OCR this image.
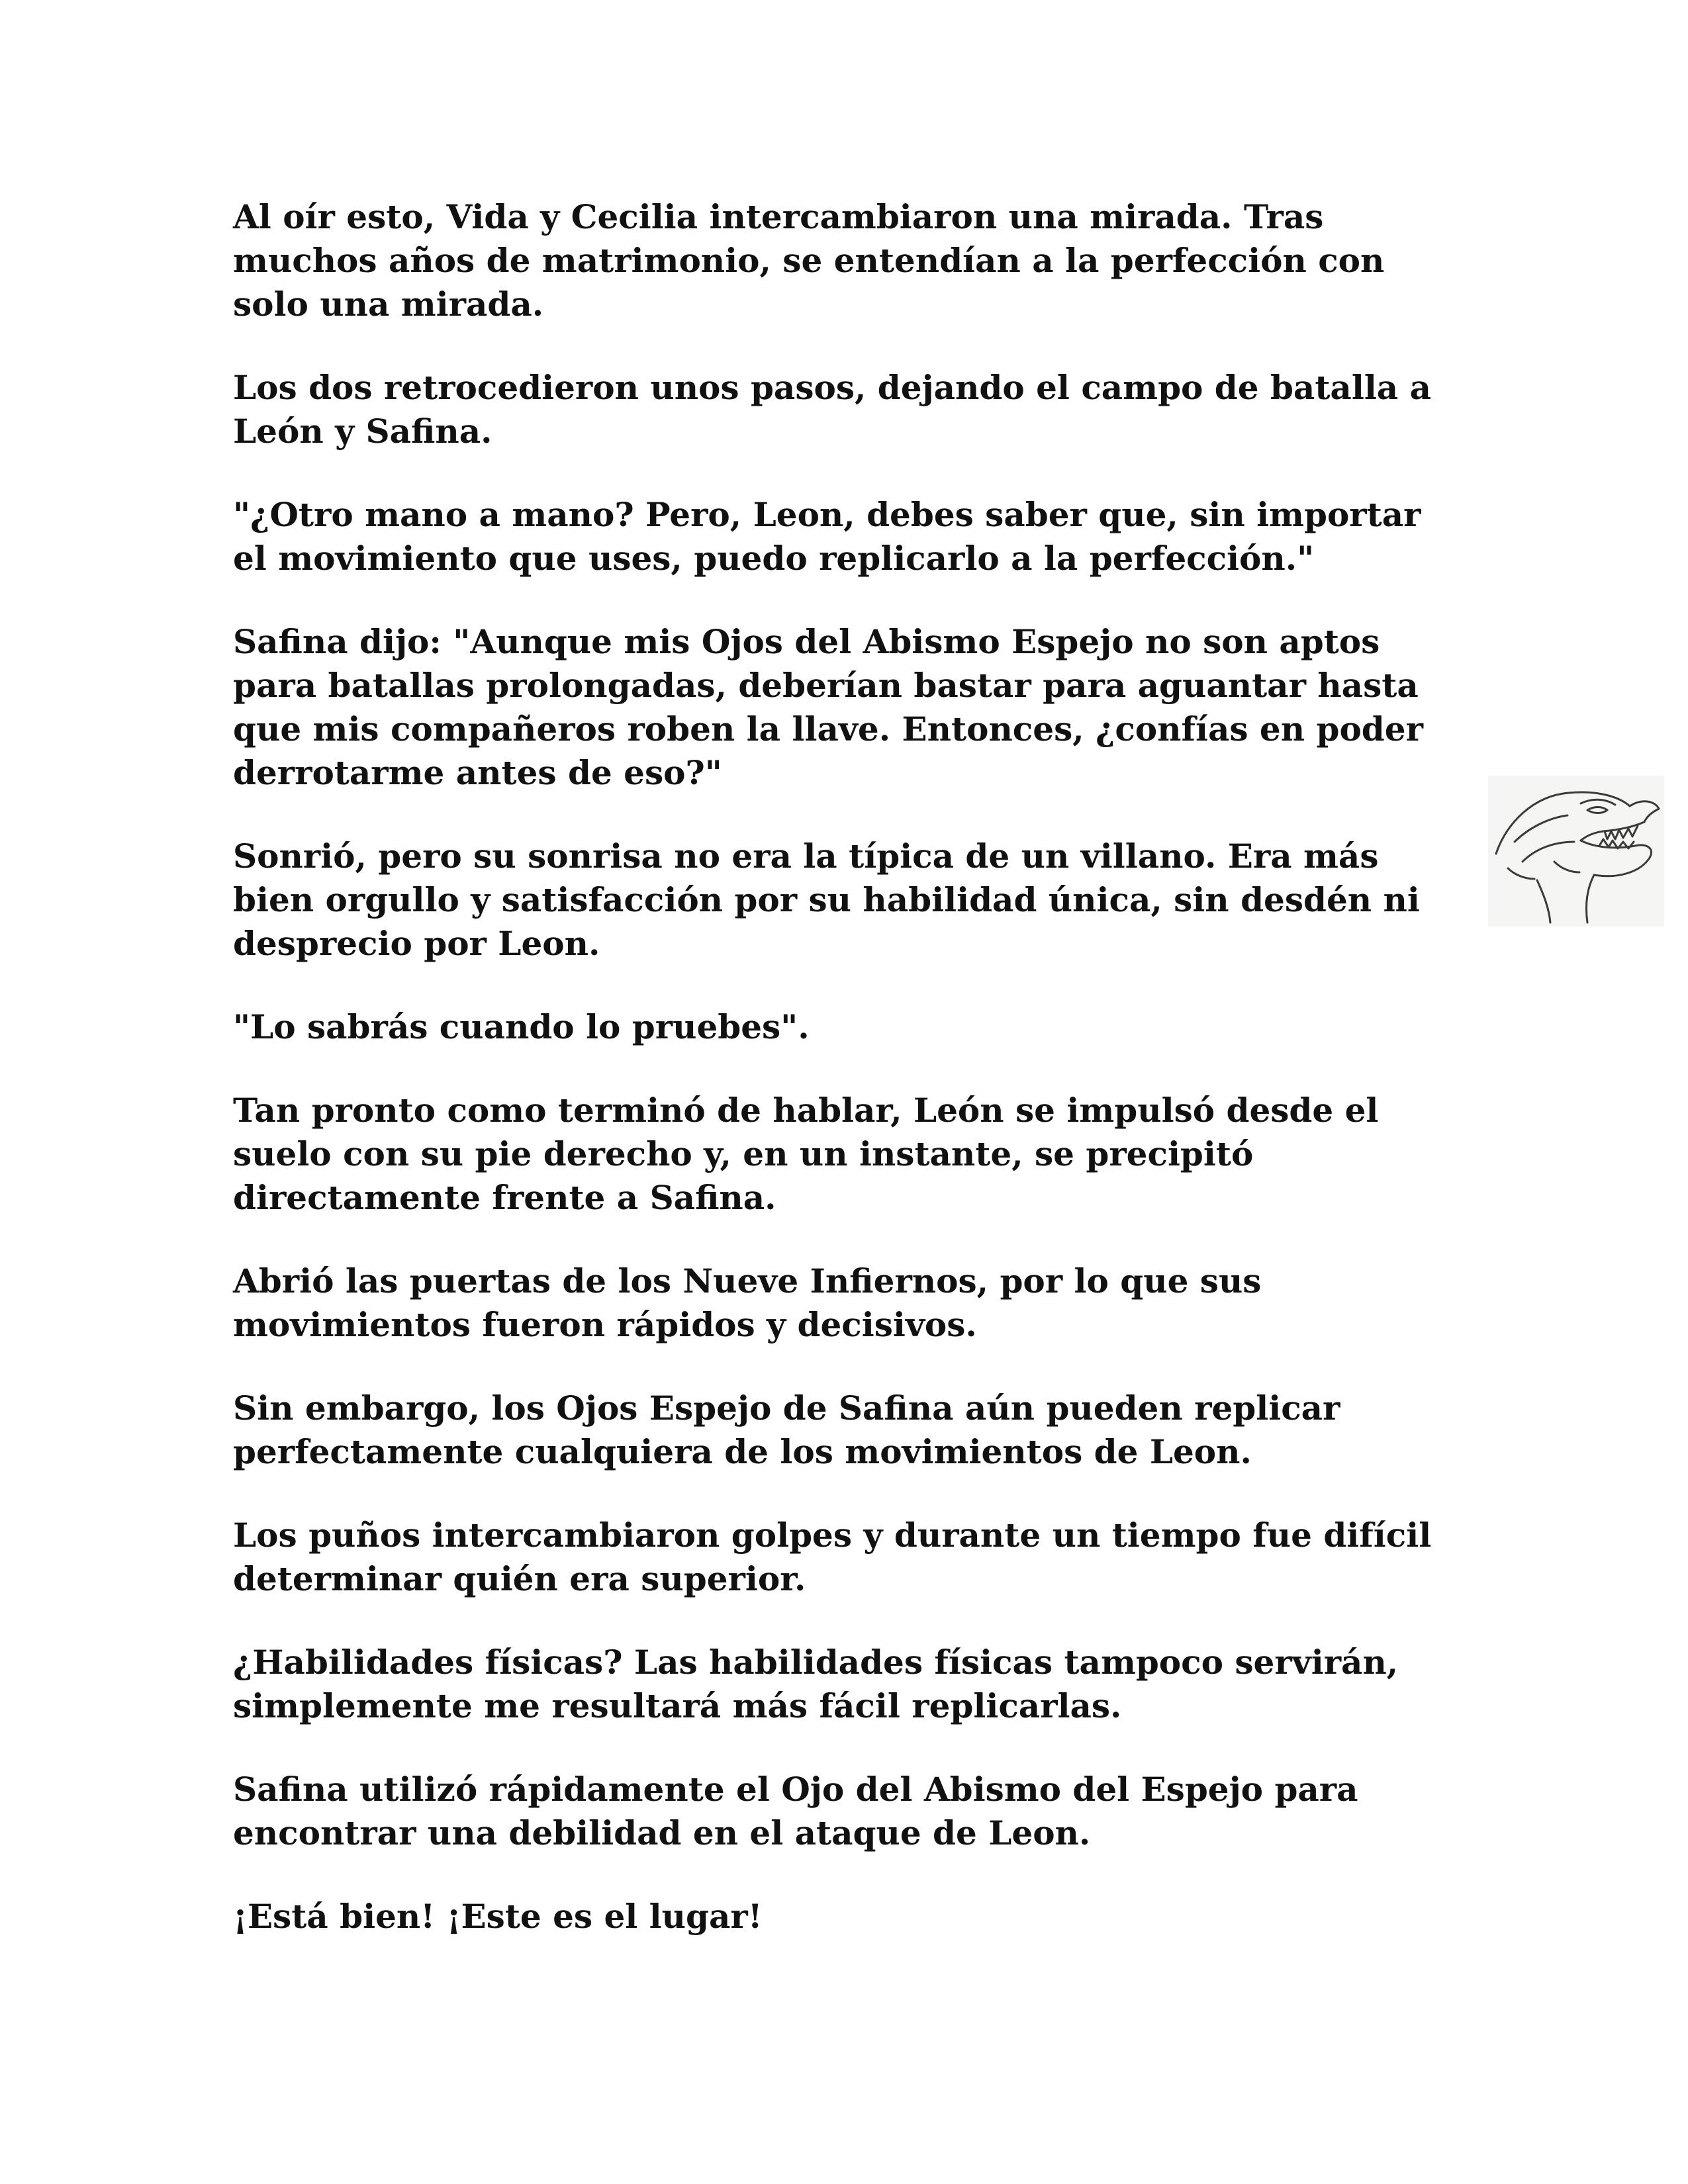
Al oír esto, Vida y Cecilia intercambiaron una mirada. Tras muchos años de matrimonio, se entendían a la perfección con solo una mirada.

Los dos retrocedieron unos pasos, dejando el campo de batalla a León y Safina.

"¿Otro mano a mano? Pero, Leon, debes saber que, sin importar el movimiento que uses, puedo replicarlo a la perfección."

Safina dijo: "Aunque mis Ojos del Abismo Espejo no son aptos para batallas prolongadas, deberían bastar para aguantar hasta que mis compañeros roben la llave. Entonces, ¿confías en poder derrotarme antes de eso?"

Sonrió, pero su sonrisa no era la típica de un villano. Era más bien orgullo y satisfacción por su habilidad única, sin desdén ni desprecio por Leon.

"Lo sabrás cuando lo pruebes".

Tan pronto como terminó de hablar, León se impulsó desde el suelo con su pie derecho y, en un instante, se precipitó directamente frente a Safina.

Abrió las puertas de los Nueve Infiernos, por lo que sus movimientos fueron rápidos y decisivos.

Sin embargo, los Ojos Espejo de Safina aún pueden replicar perfectamente cualquiera de los movimientos de Leon.

Los puños intercambiaron golpes y durante un tiempo fue difícil determinar quién era superior.

¿Habilidades físicas? Las habilidades físicas tampoco servirán, simplemente me resultará más fácil replicarlas.

Safina utilizó rápidamente el Ojo del Abismo del Espejo para encontrar una debilidad en el ataque de Leon.

¡Está bien! ¡Este es el lugar!
